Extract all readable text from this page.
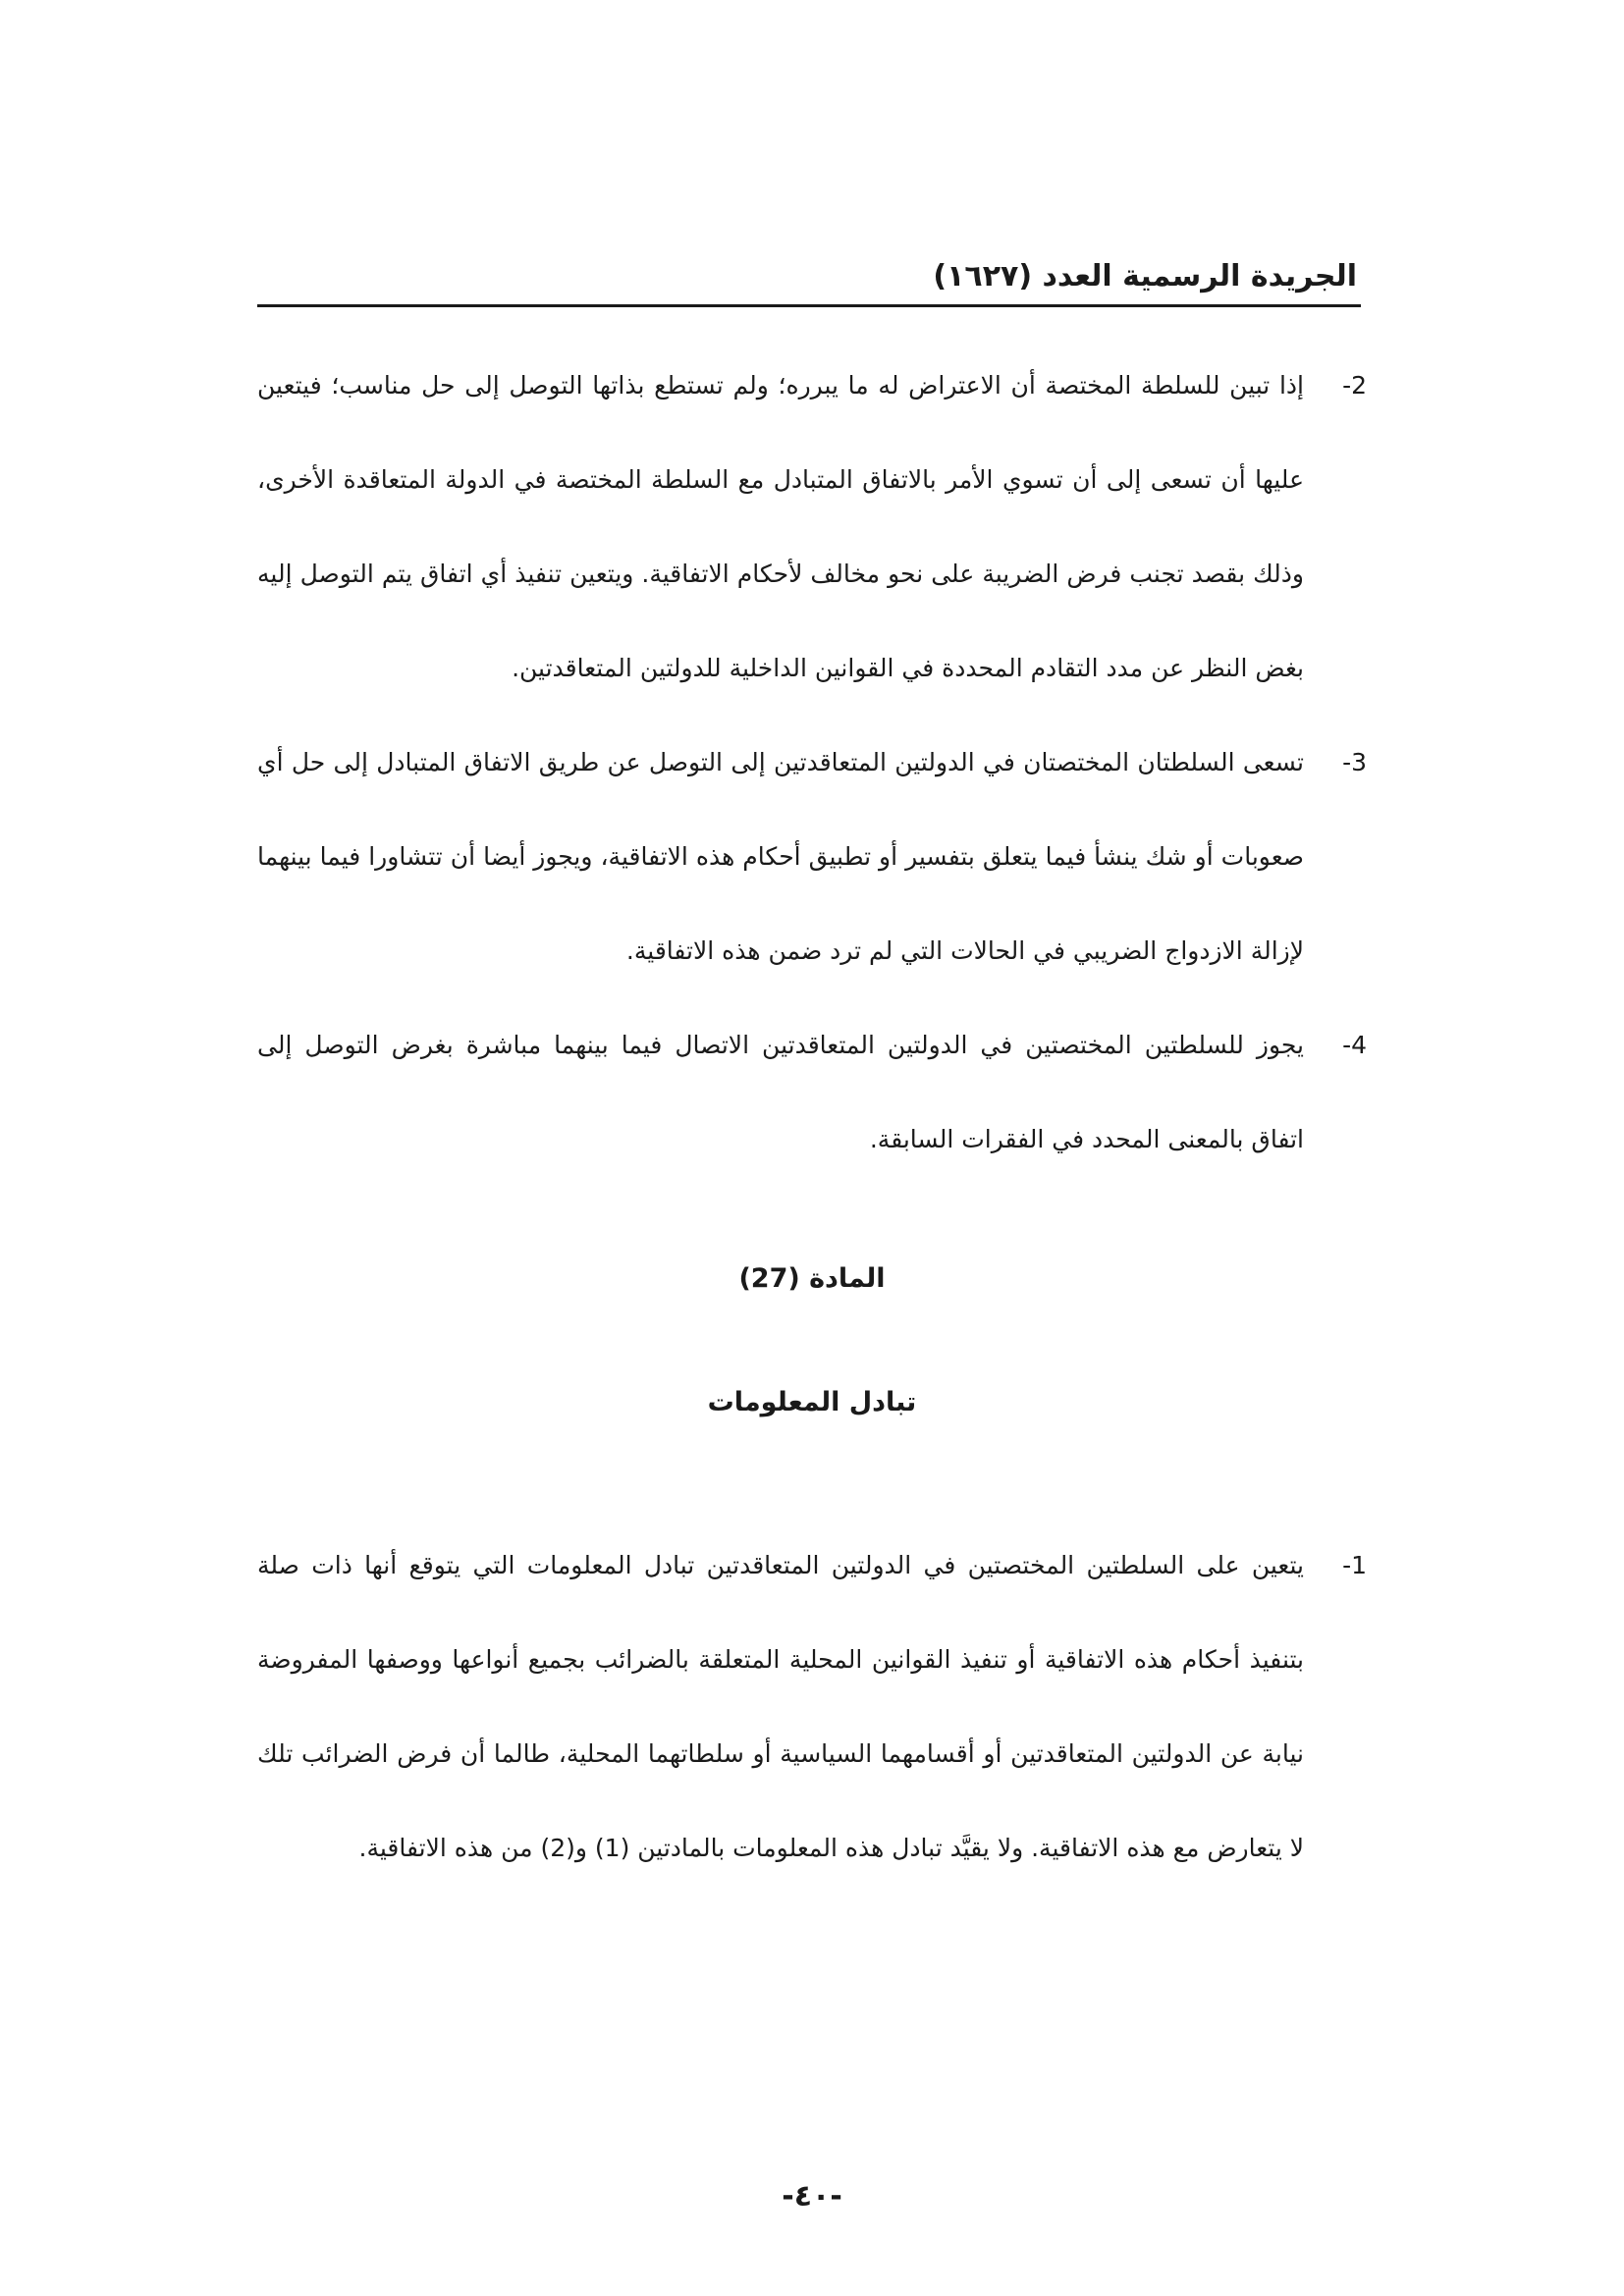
الجريدة الرسمية العدد (١٦٢٧)

-2
إذا تبين للسلطة المختصة أن الاعتراض له ما يبرره؛ ولم تستطع بذاتها التوصل إلى حل مناسب؛ فيتعين عليها أن تسعى إلى أن تسوي الأمر بالاتفاق المتبادل مع السلطة المختصة في الدولة المتعاقدة الأخرى، وذلك بقصد تجنب فرض الضريبة على نحو مخالف لأحكام الاتفاقية. ويتعين تنفيذ أي اتفاق يتم التوصل إليه بغض النظر عن مدد التقادم المحددة في القوانين الداخلية للدولتين المتعاقدتين.

-3
تسعى السلطتان المختصتان في الدولتين المتعاقدتين إلى التوصل عن طريق الاتفاق المتبادل إلى حل أي صعوبات أو شك ينشأ فيما يتعلق بتفسير أو تطبيق أحكام هذه الاتفاقية، ويجوز أيضا أن تتشاورا فيما بينهما لإزالة الازدواج الضريبي في الحالات التي لم ترد ضمن هذه الاتفاقية.

-4
يجوز للسلطتين المختصتين في الدولتين المتعاقدتين الاتصال فيما بينهما مباشرة بغرض التوصل إلى اتفاق بالمعنى المحدد في الفقرات السابقة.

المادة (27)
تبادل المعلومات

-1
يتعين على السلطتين المختصتين في الدولتين المتعاقدتين تبادل المعلومات التي يتوقع أنها ذات صلة بتنفيذ أحكام هذه الاتفاقية أو تنفيذ القوانين المحلية المتعلقة بالضرائب بجميع أنواعها ووصفها المفروضة نيابة عن الدولتين المتعاقدتين أو أقسامهما السياسية أو سلطاتهما المحلية، طالما أن فرض الضرائب تلك لا يتعارض مع هذه الاتفاقية. ولا يقيَّد تبادل هذه المعلومات بالمادتين (1) و(2) من هذه الاتفاقية.

-٤٠-
